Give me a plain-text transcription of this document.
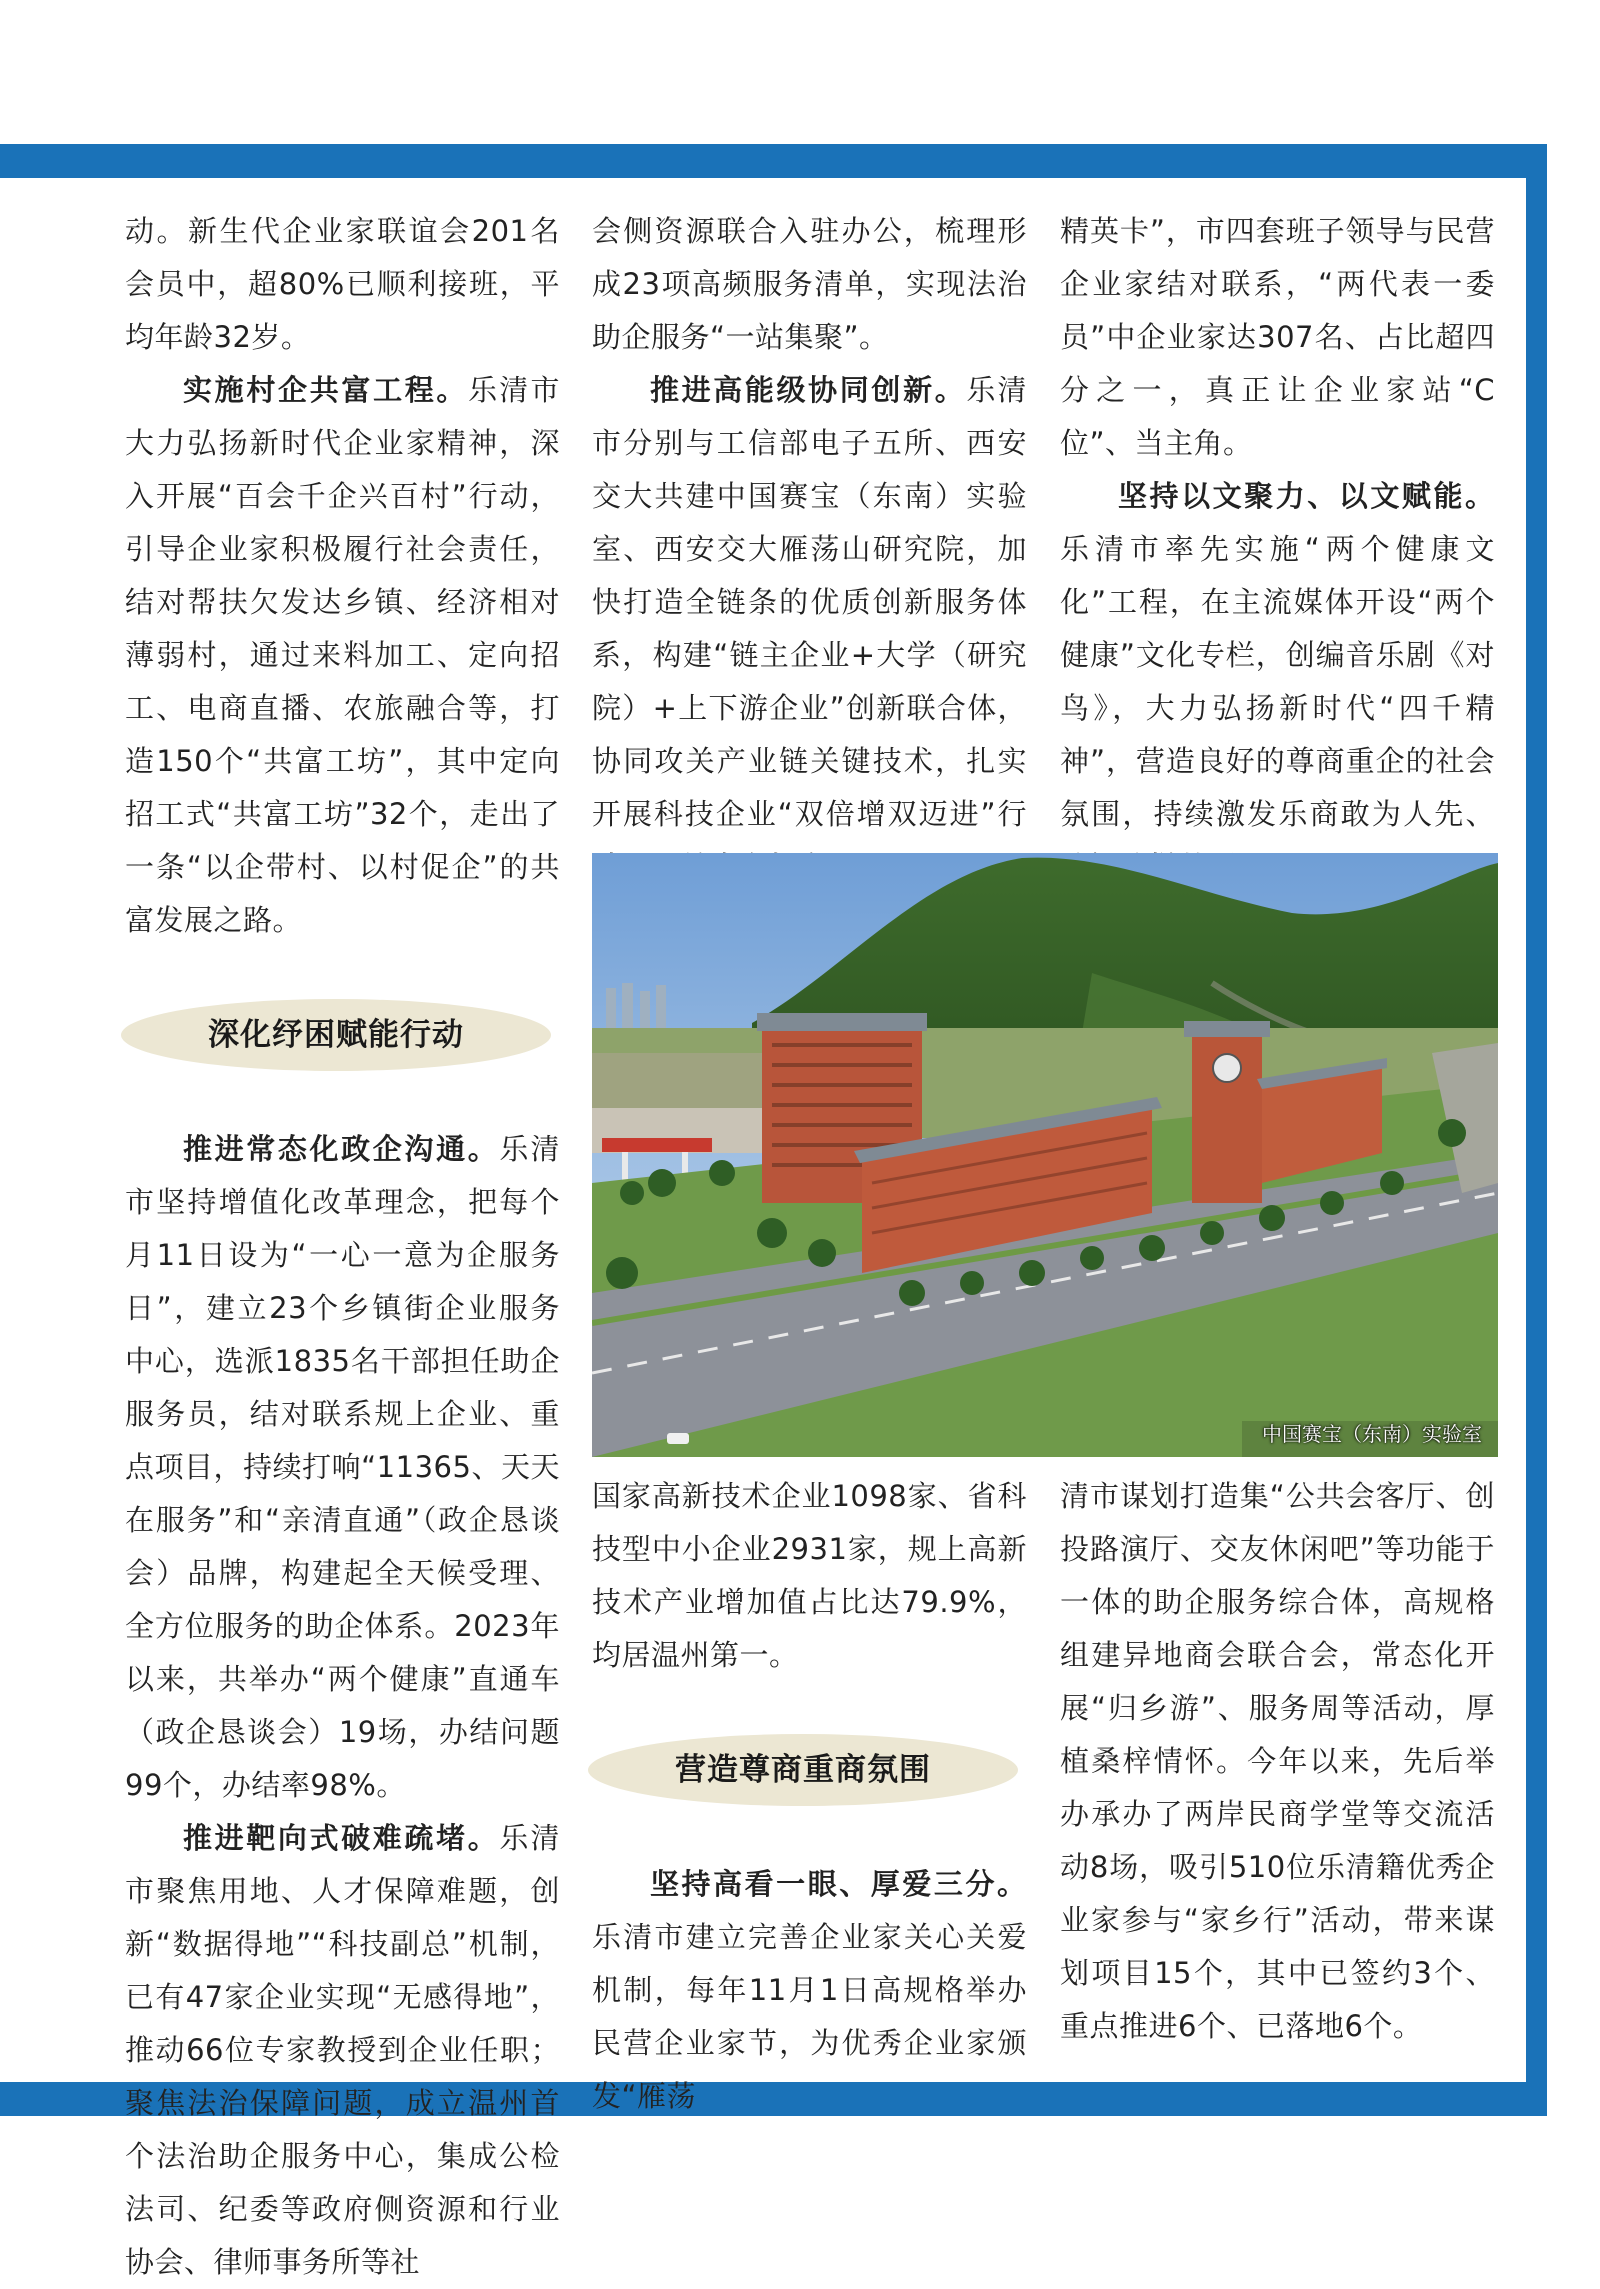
动。新生代企业家联谊会201名会员中，超80%已顺利接班，平均年龄32岁。

实施村企共富工程。乐清市大力弘扬新时代企业家精神，深入开展“百会千企兴百村”行动，引导企业家积极履行社会责任，结对帮扶欠发达乡镇、经济相对薄弱村，通过来料加工、定向招工、电商直播、农旅融合等，打造150个“共富工坊”，其中定向招工式“共富工坊”32个，走出了一条“以企带村、以村促企”的共富发展之路。

深化纾困赋能行动

推进常态化政企沟通。乐清市坚持增值化改革理念，把每个月11日设为“一心一意为企服务日”，建立23个乡镇街企业服务中心，选派1835名干部担任助企服务员，结对联系规上企业、重点项目，持续打响“11365、天天在服务”和“亲清直通”（政企恳谈会）品牌，构建起全天候受理、全方位服务的助企体系。2023年以来，共举办“两个健康”直通车（政企恳谈会）19场，办结问题99个，办结率98%。

推进靶向式破难疏堵。乐清市聚焦用地、人才保障难题，创新“数据得地”“科技副总”机制，已有47家企业实现“无感得地”，推动66位专家教授到企业任职；聚焦法治保障问题，成立温州首个法治助企服务中心，集成公检法司、纪委等政府侧资源和行业协会、律师事务所等社

会侧资源联合入驻办公，梳理形成23项高频服务清单，实现法治助企服务“一站集聚”。

推进高能级协同创新。乐清市分别与工信部电子五所、西安交大共建中国赛宝（东南）实验室、西安交大雁荡山研究院，加快打造全链条的优质创新服务体系，构建“链主企业+大学（研究院）+上下游企业”创新联合体，协同攻关产业链关键技术，扎实开展科技企业“双倍增双迈进”行

国家高新技术企业1098家、省科技型中小企业2931家，规上高新技术产业增加值占比达79.9%，均居温州第一。

营造尊商重商氛围

坚持高看一眼、厚爱三分。乐清市建立完善企业家关心关爱机制，每年11月1日高规格举办民营企业家节，为优秀企业家颁发“雁荡

精英卡”，市四套班子领导与民营企业家结对联系，“两代表一委员”中企业家达307名、占比超四分之一，真正让企业家站“C位”、当主角。

坚持以文聚力、以文赋能。乐清市率先实施“两个健康文化”工程，在主流媒体开设“两个健康”文化专栏，创编音乐剧《对鸟》，大力弘扬新时代“四千精神”，营造良好的尊商重企的社会氛围，持续激发乐商敢为人先、

清市谋划打造集“公共会客厅、创投路演厅、交友休闲吧”等功能于一体的助企服务综合体，高规格组建异地商会联合会，常态化开展“归乡游”、服务周等活动，厚植桑梓情怀。今年以来，先后举办承办了两岸民商学堂等交流活动8场，吸引510位乐清籍优秀企业家参与“家乡行”活动，带来谋划项目15个，其中已签约3个、重点推进6个、已落地6个。

中国赛宝（东南）实验室
